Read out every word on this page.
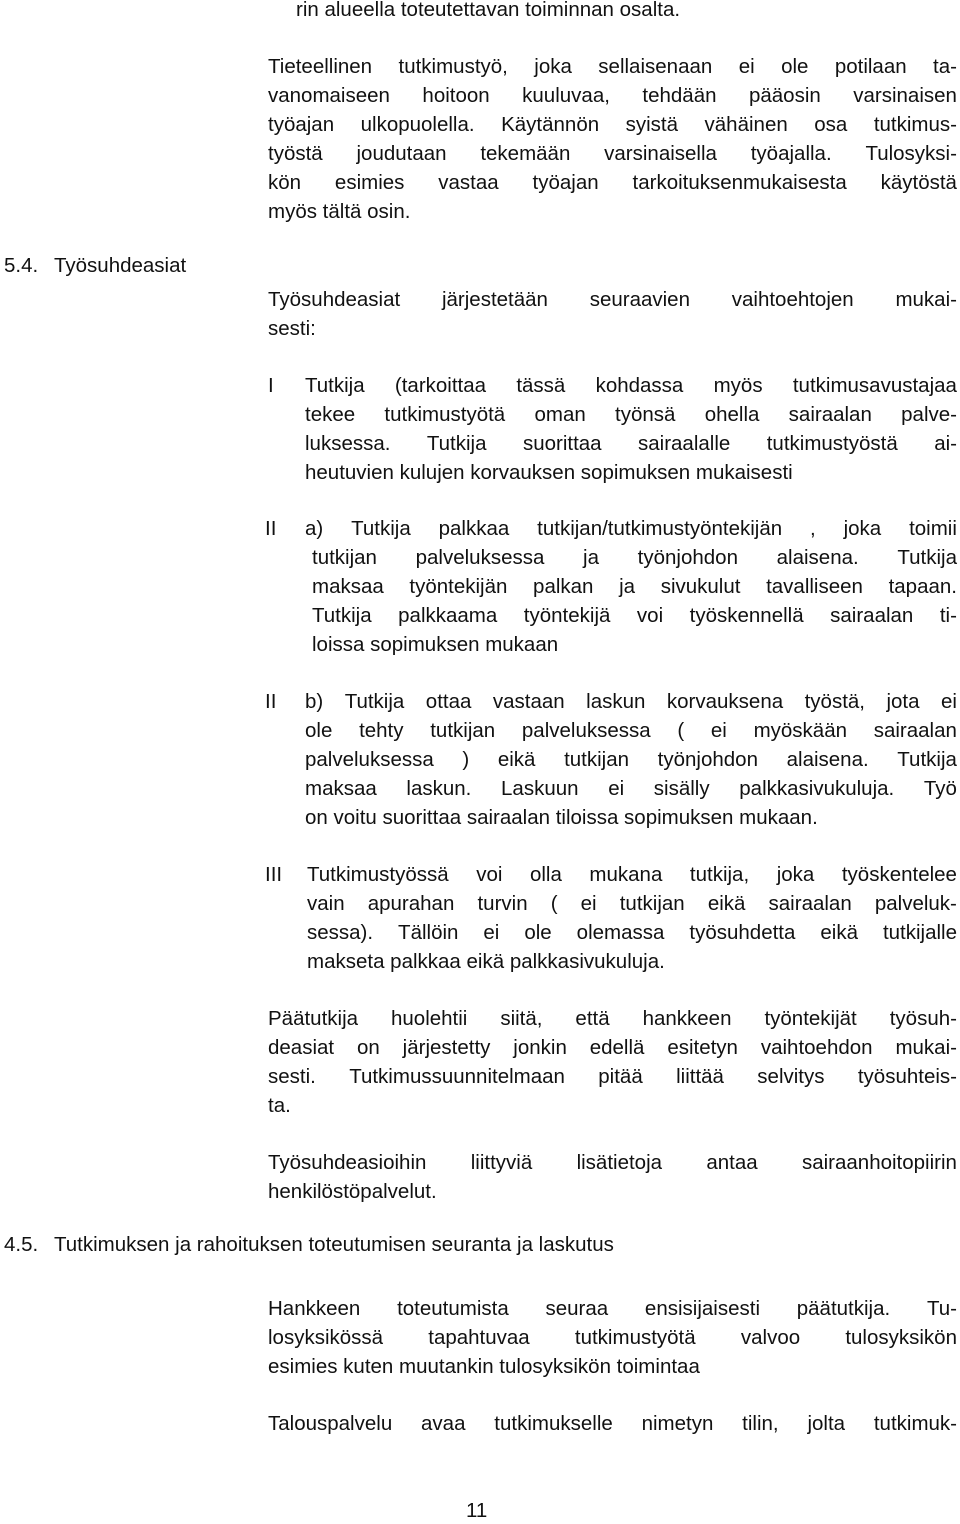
rin alueella toteutettavan toiminnan osalta.
Tieteellinen tutkimustyö, joka sellaisenaan ei ole potilaan ta-
vanomaiseen hoitoon kuuluvaa, tehdään pääosin varsinaisen
työajan ulkopuolella. Käytännön syistä vähäinen osa tutkimus-
työstä joudutaan tekemään varsinaisella työajalla. Tulosyksi-
kön esimies vastaa työajan tarkoituksenmukaisesta käytöstä
myös tältä osin.
5.4. Työsuhdeasiat
Työsuhdeasiat järjestetään seuraavien vaihtoehtojen mukai-
sesti:
I Tutkija (tarkoittaa tässä kohdassa myös tutkimusavustajaa
tekee tutkimustyötä oman työnsä ohella sairaalan palve-
luksessa. Tutkija suorittaa sairaalalle tutkimustyöstä ai-
heutuvien kulujen korvauksen sopimuksen mukaisesti
II a) Tutkija palkkaa tutkijan/tutkimustyöntekijän , joka toimii
tutkijan palveluksessa ja työnjohdon alaisena. Tutkija
maksaa työntekijän palkan ja sivukulut tavalliseen tapaan.
Tutkija palkkaama työntekijä voi työskennellä sairaalan ti-
loissa sopimuksen mukaan
II b) Tutkija ottaa vastaan laskun korvauksena työstä, jota ei
ole tehty tutkijan palveluksessa ( ei myöskään sairaalan
palveluksessa ) eikä tutkijan työnjohdon alaisena. Tutkija
maksaa laskun. Laskuun ei sisälly palkkasivukuluja. Työ
on voitu suorittaa sairaalan tiloissa sopimuksen mukaan.
III Tutkimustyössä voi olla mukana tutkija, joka työskentelee
vain apurahan turvin ( ei tutkijan eikä sairaalan palveluk-
sessa). Tällöin ei ole olemassa työsuhdetta eikä tutkijalle
makseta palkkaa eikä palkkasivukuluja.
Päätutkija huolehtii siitä, että hankkeen työntekijät työsuh-
deasiat on järjestetty jonkin edellä esitetyn vaihtoehdon mukai-
sesti. Tutkimussuunnitelmaan pitää liittää selvitys työsuhteis-
ta.
Työsuhdeasioihin liittyviä lisätietoja antaa sairaanhoitopiirin
henkilöstöpalvelut.
4.5. Tutkimuksen ja rahoituksen toteutumisen seuranta ja laskutus
Hankkeen toteutumista seuraa ensisijaisesti päätutkija. Tu-
losyksikössä tapahtuvaa tutkimustyötä valvoo tulosyksikön
esimies kuten muutankin tulosyksikön toimintaa
Talouspalvelu avaa tutkimukselle nimetyn tilin, jolta tutkimuk-
11
